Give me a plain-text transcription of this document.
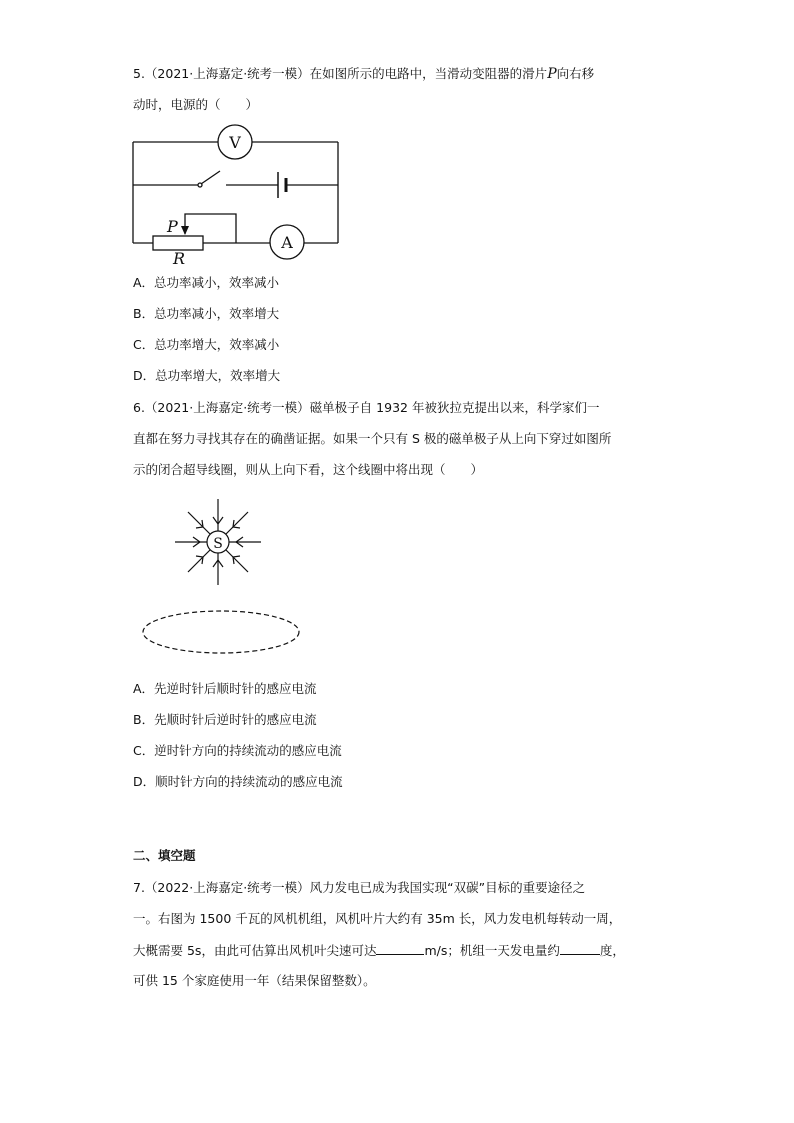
5.（2021·上海嘉定·统考一模）在如图所示的电路中，当滑动变阻器的滑片P向右移
动时，电源的（　　）
V
A
P
R
S
A．总功率减小，效率减小
B．总功率减小，效率增大
C．总功率增大，效率减小
D．总功率增大，效率增大
6.（2021·上海嘉定·统考一模）磁单极子自 1932 年被狄拉克提出以来，科学家们一
直都在努力寻找其存在的确凿证据。如果一个只有 S 极的磁单极子从上向下穿过如图所
示的闭合超导线圈，则从上向下看，这个线圈中将出现（　　）
A．先逆时针后顺时针的感应电流
B．先顺时针后逆时针的感应电流
C．逆时针方向的持续流动的感应电流
D．顺时针方向的持续流动的感应电流
二、填空题
7.（2022·上海嘉定·统考一模）风力发电已成为我国实现“双碳”目标的重要途径之
一。右图为 1500 千瓦的风机机组，风机叶片大约有 35m 长，风力发电机每转动一周，
大概需要 5s，由此可估算出风机叶尖速可达	m/s；机组一天发电量约	度，
可供 15 个家庭使用一年（结果保留整数）。
